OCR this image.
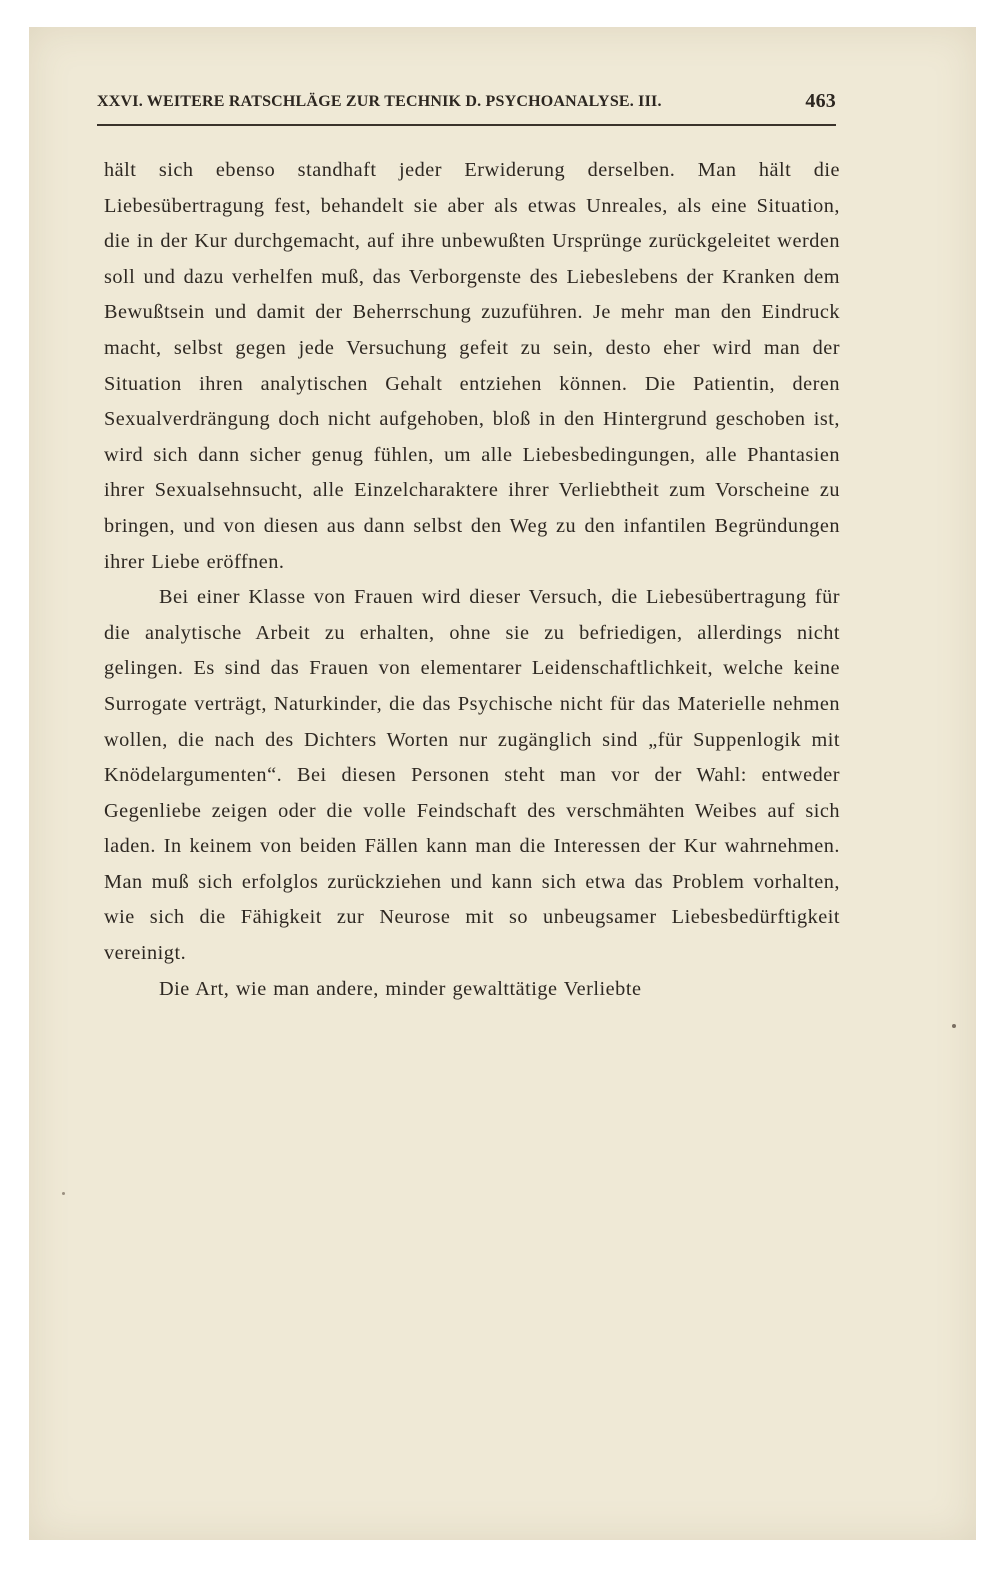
XXVI. WEITERE RATSCHLÄGE ZUR TECHNIK D. PSYCHOANALYSE. III.	463

hält sich ebenso standhaft jeder Erwiderung derselben. Man hält die Liebesübertragung fest, behandelt sie aber als etwas Unreales, als eine Situation, die in der Kur durchgemacht, auf ihre unbewußten Ursprünge zurückgeleitet werden soll und dazu verhelfen muß, das Verborgenste des Liebeslebens der Kranken dem Bewußtsein und damit der Beherrschung zuzuführen. Je mehr man den Eindruck macht, selbst gegen jede Versuchung gefeit zu sein, desto eher wird man der Situation ihren analytischen Gehalt entziehen können. Die Patientin, deren Sexualverdrängung doch nicht aufgehoben, bloß in den Hintergrund geschoben ist, wird sich dann sicher genug fühlen, um alle Liebesbedingungen, alle Phantasien ihrer Sexualsehnsucht, alle Einzelcharaktere ihrer Verliebtheit zum Vorscheine zu bringen, und von diesen aus dann selbst den Weg zu den infantilen Begründungen ihrer Liebe eröffnen.

Bei einer Klasse von Frauen wird dieser Versuch, die Liebesübertragung für die analytische Arbeit zu erhalten, ohne sie zu befriedigen, allerdings nicht gelingen. Es sind das Frauen von elementarer Leidenschaftlichkeit, welche keine Surrogate verträgt, Naturkinder, die das Psychische nicht für das Materielle nehmen wollen, die nach des Dichters Worten nur zugänglich sind „für Suppenlogik mit Knödelargumenten“. Bei diesen Personen steht man vor der Wahl: entweder Gegenliebe zeigen oder die volle Feindschaft des verschmähten Weibes auf sich laden. In keinem von beiden Fällen kann man die Interessen der Kur wahrnehmen. Man muß sich erfolglos zurückziehen und kann sich etwa das Problem vorhalten, wie sich die Fähigkeit zur Neurose mit so unbeugsamer Liebesbedürftigkeit vereinigt.

Die Art, wie man andere, minder gewalttätige Verliebte
